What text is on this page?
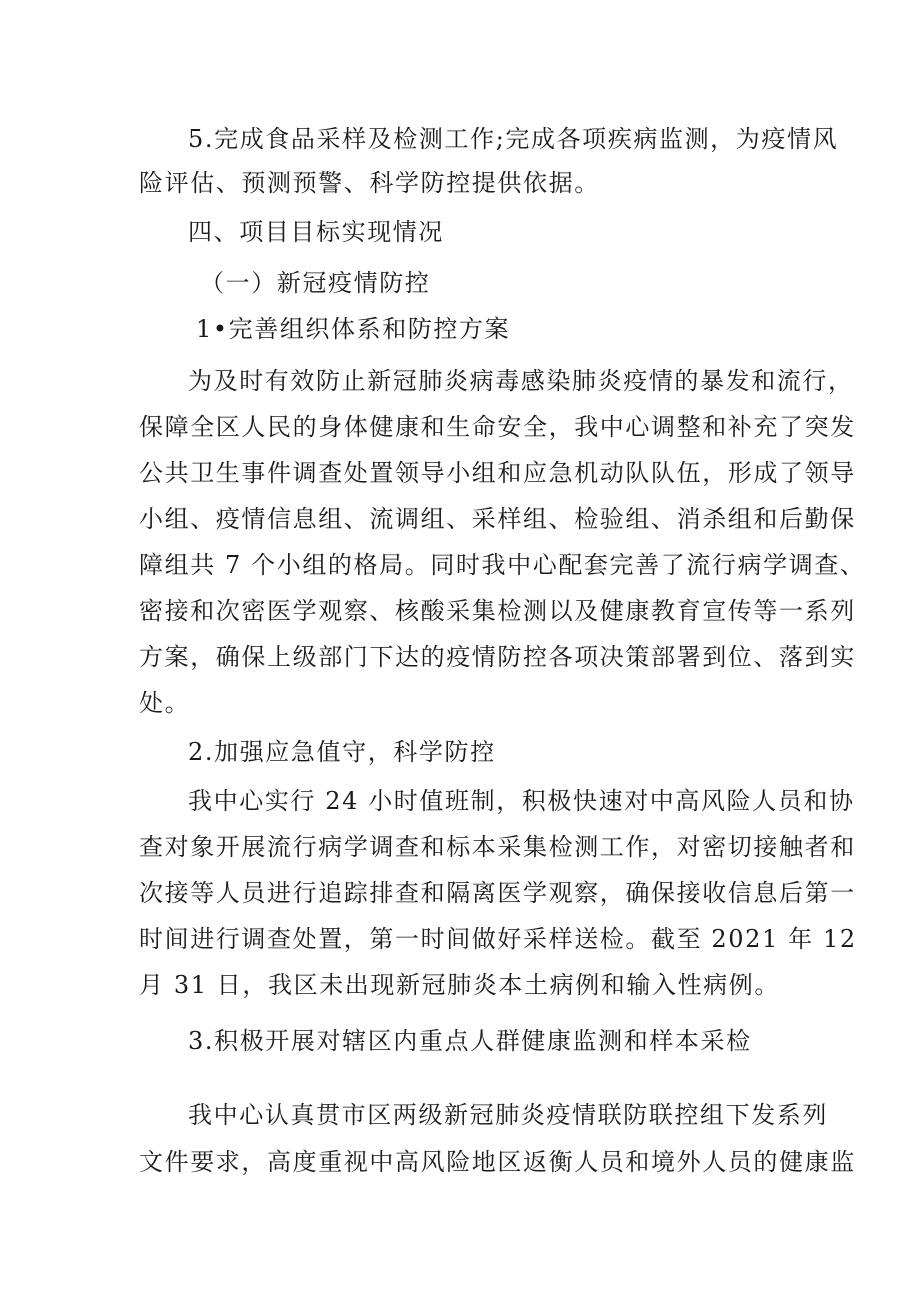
5.完成食品采样及检测工作;完成各项疾病监测，为疫情风
险评估、预测预警、科学防控提供依据。
四、项目目标实现情况
（一）新冠疫情防控
1•完善组织体系和防控方案
为及时有效防止新冠肺炎病毒感染肺炎疫情的暴发和流行，
保障全区人民的身体健康和生命安全，我中心调整和补充了突发
公共卫生事件调查处置领导小组和应急机动队队伍，形成了领导
小组、疫情信息组、流调组、采样组、检验组、消杀组和后勤保
障组共 7 个小组的格局。同时我中心配套完善了流行病学调查、
密接和次密医学观察、核酸采集检测以及健康教育宣传等一系列
方案，确保上级部门下达的疫情防控各项决策部署到位、落到实
处。
2.加强应急值守，科学防控
我中心实行 24 小时值班制，积极快速对中高风险人员和协
查对象开展流行病学调查和标本采集检测工作，对密切接触者和
次接等人员进行追踪排查和隔离医学观察，确保接收信息后第一
时间进行调查处置，第一时间做好采样送检。截至 2021 年 12
月 31 日，我区未出现新冠肺炎本土病例和输入性病例。
3.积极开展对辖区内重点人群健康监测和样本采检
我中心认真贯市区两级新冠肺炎疫情联防联控组下发系列
文件要求，高度重视中高风险地区返衡人员和境外人员的健康监
